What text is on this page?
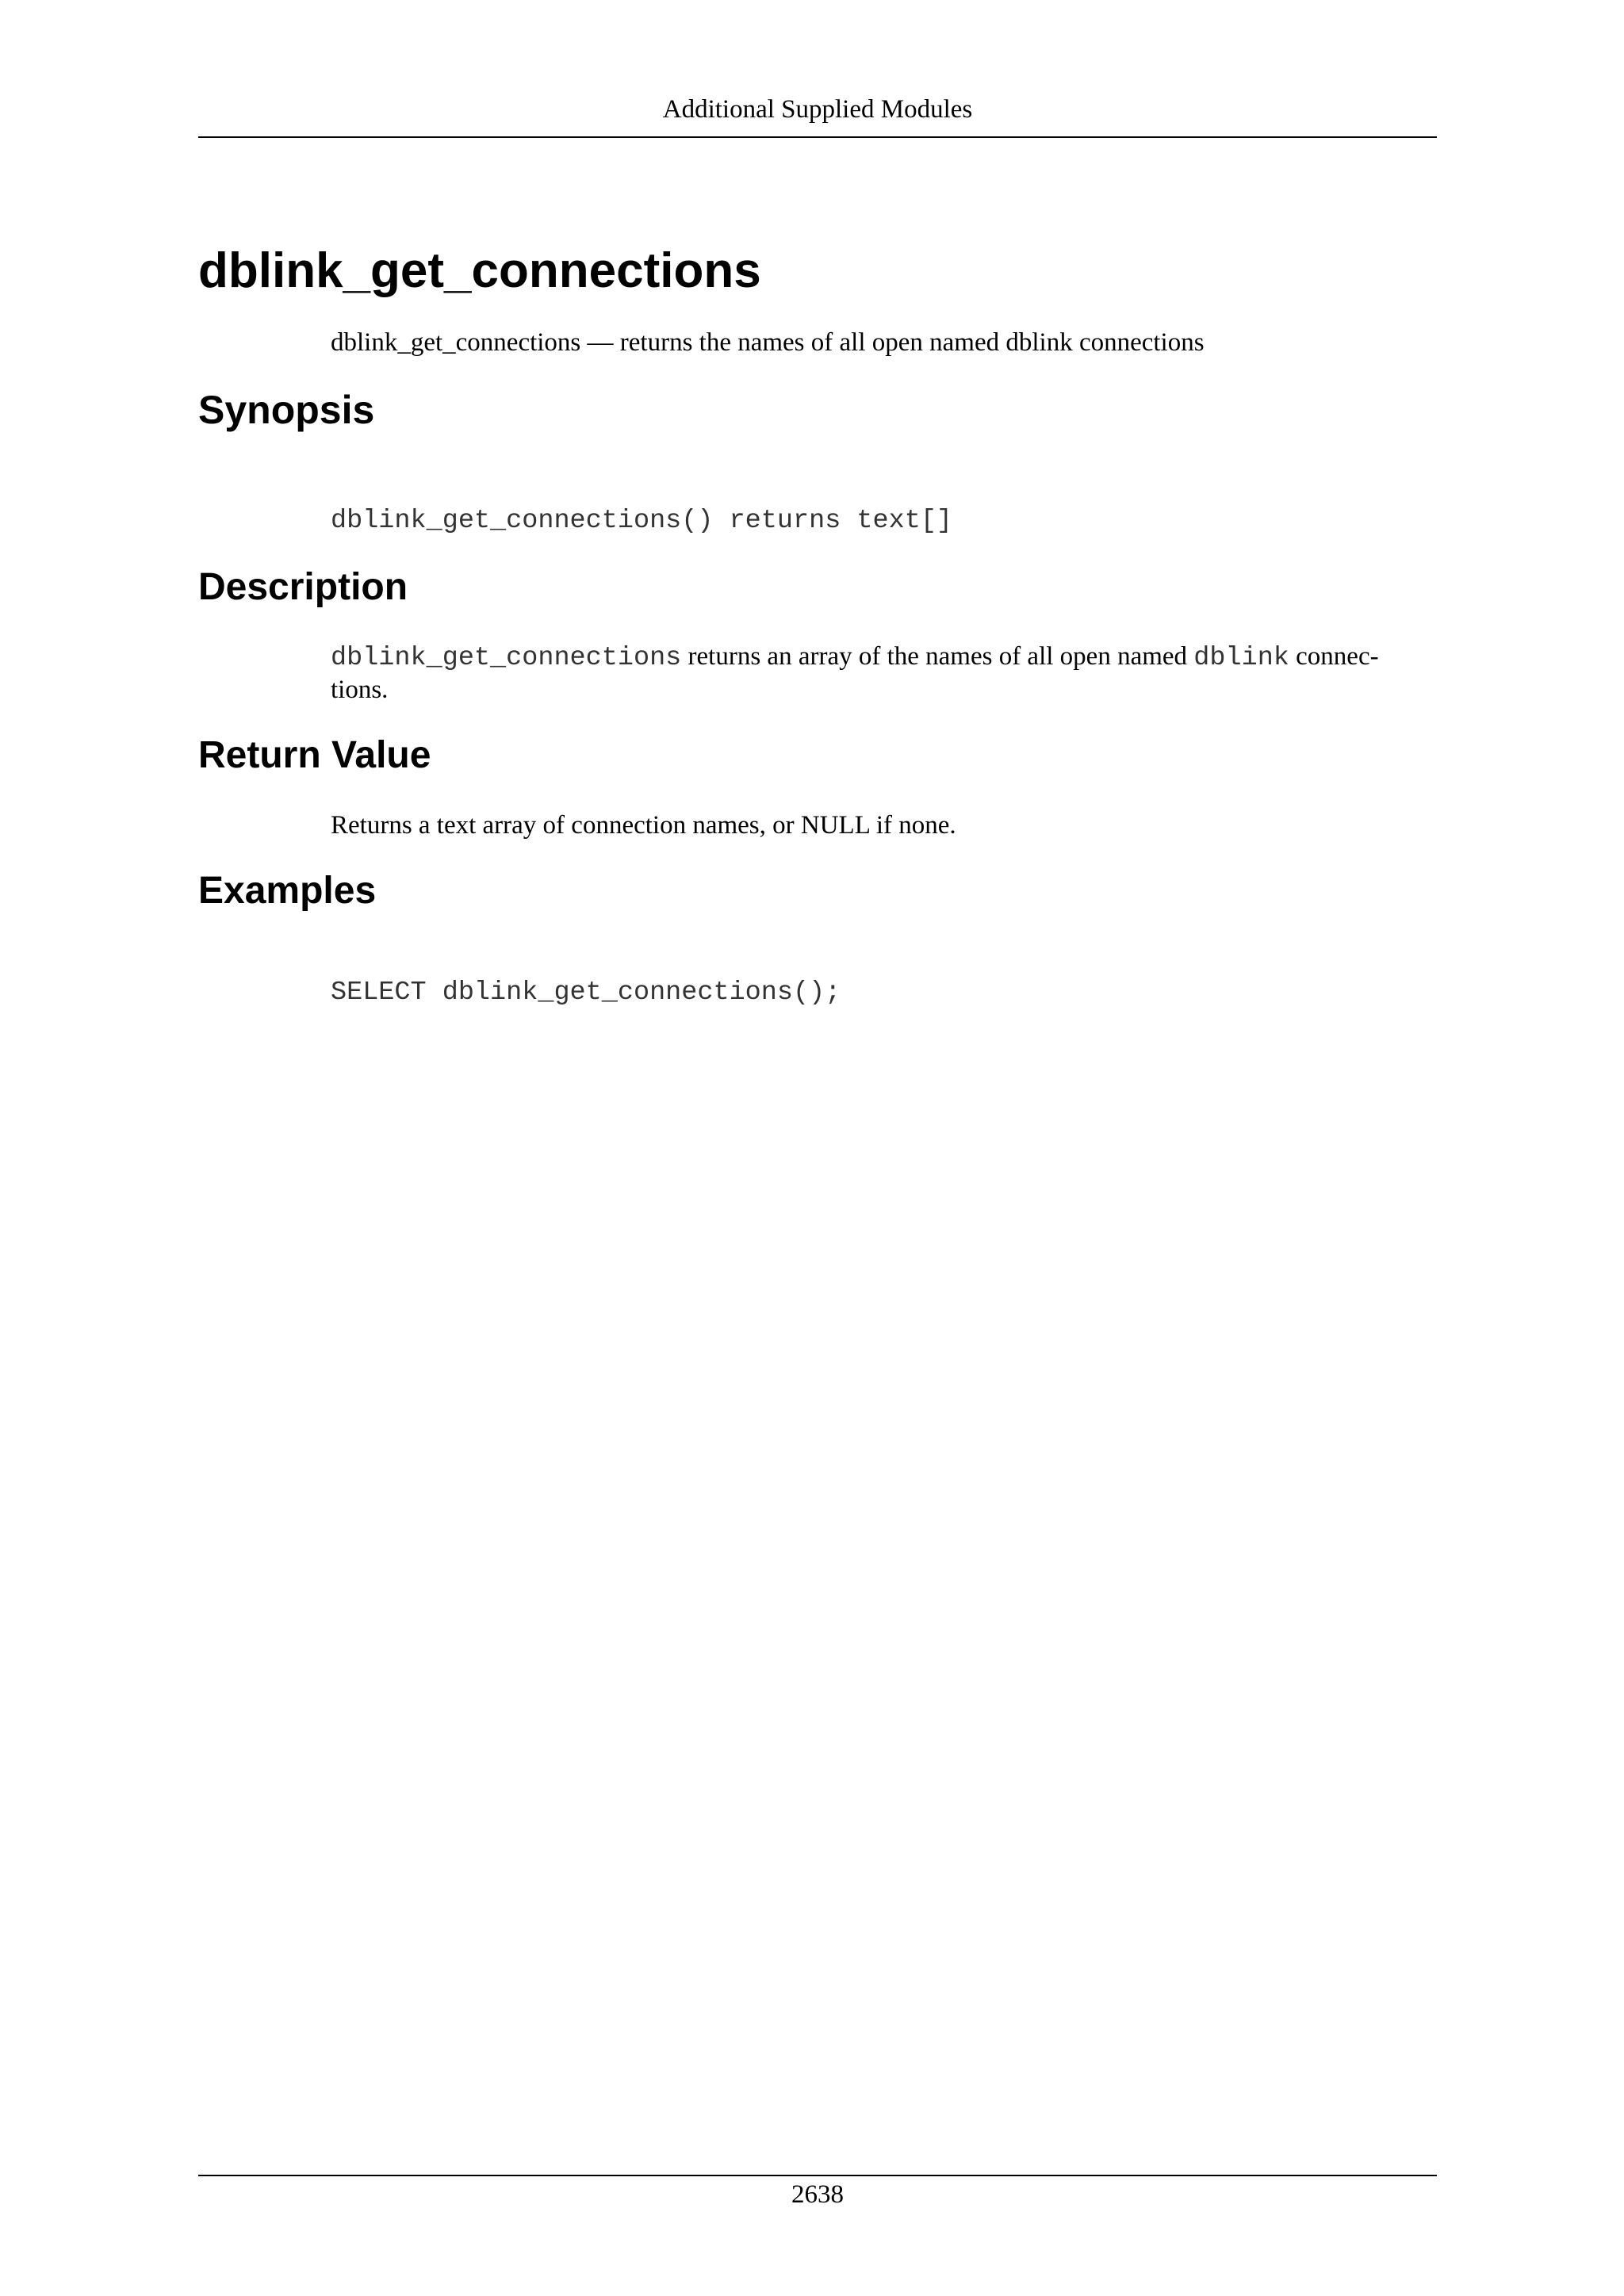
Additional Supplied Modules
dblink_get_connections
dblink_get_connections — returns the names of all open named dblink connections
Synopsis
dblink_get_connections() returns text[]
Description
dblink_get_connections returns an array of the names of all open named dblink connec-
tions.
Return Value
Returns a text array of connection names, or NULL if none.
Examples
SELECT dblink_get_connections();
2638
